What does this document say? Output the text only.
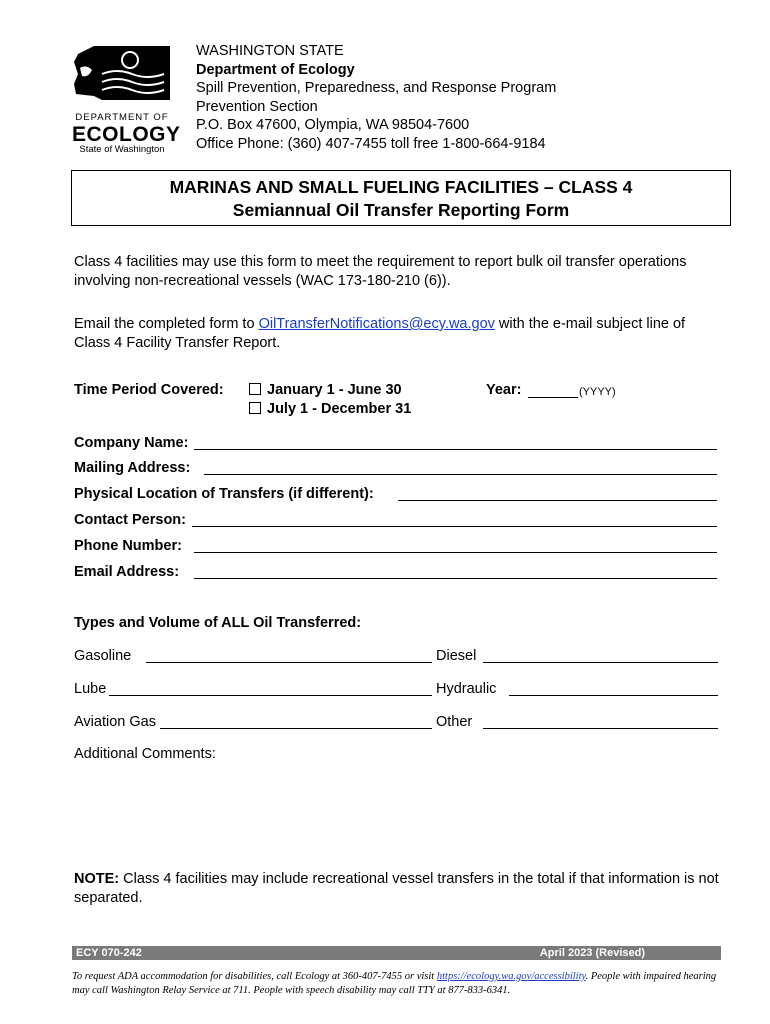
DEPARTMENT OF
ECOLOGY
State of Washington
WASHINGTON STATE
Department of Ecology
Spill Prevention, Preparedness, and Response Program
Prevention Section
P.O. Box 47600, Olympia, WA 98504-7600
Office Phone: (360) 407-7455 toll free 1-800-664-9184
MARINAS AND SMALL FUELING FACILITIES – CLASS 4
Semiannual Oil Transfer Reporting Form
Class 4 facilities may use this form to meet the requirement to report bulk oil transfer operations involving non-recreational vessels (WAC 173-180-210 (6)).
Email the completed form to OilTransferNotifications@ecy.wa.gov with the e-mail subject line of Class 4 Facility Transfer Report.
Time Period Covered:	January 1 - June 30
July 1 - December 31
Year:	(YYYY)
Company Name:
Mailing Address:
Physical Location of Transfers (if different):
Contact Person:
Phone Number:
Email Address:
Types and Volume of ALL Oil Transferred:
Gasoline	Diesel
Lube	Hydraulic
Aviation Gas	Other
Additional Comments:
NOTE: Class 4 facilities may include recreational vessel transfers in the total if that information is not separated.
ECY 070-242	April 2023 (Revised)
To request ADA accommodation for disabilities, call Ecology at 360-407-7455 or visit https://ecology.wa.gov/accessibility. People with impaired hearing may call Washington Relay Service at 711. People with speech disability may call TTY at 877-833-6341.
